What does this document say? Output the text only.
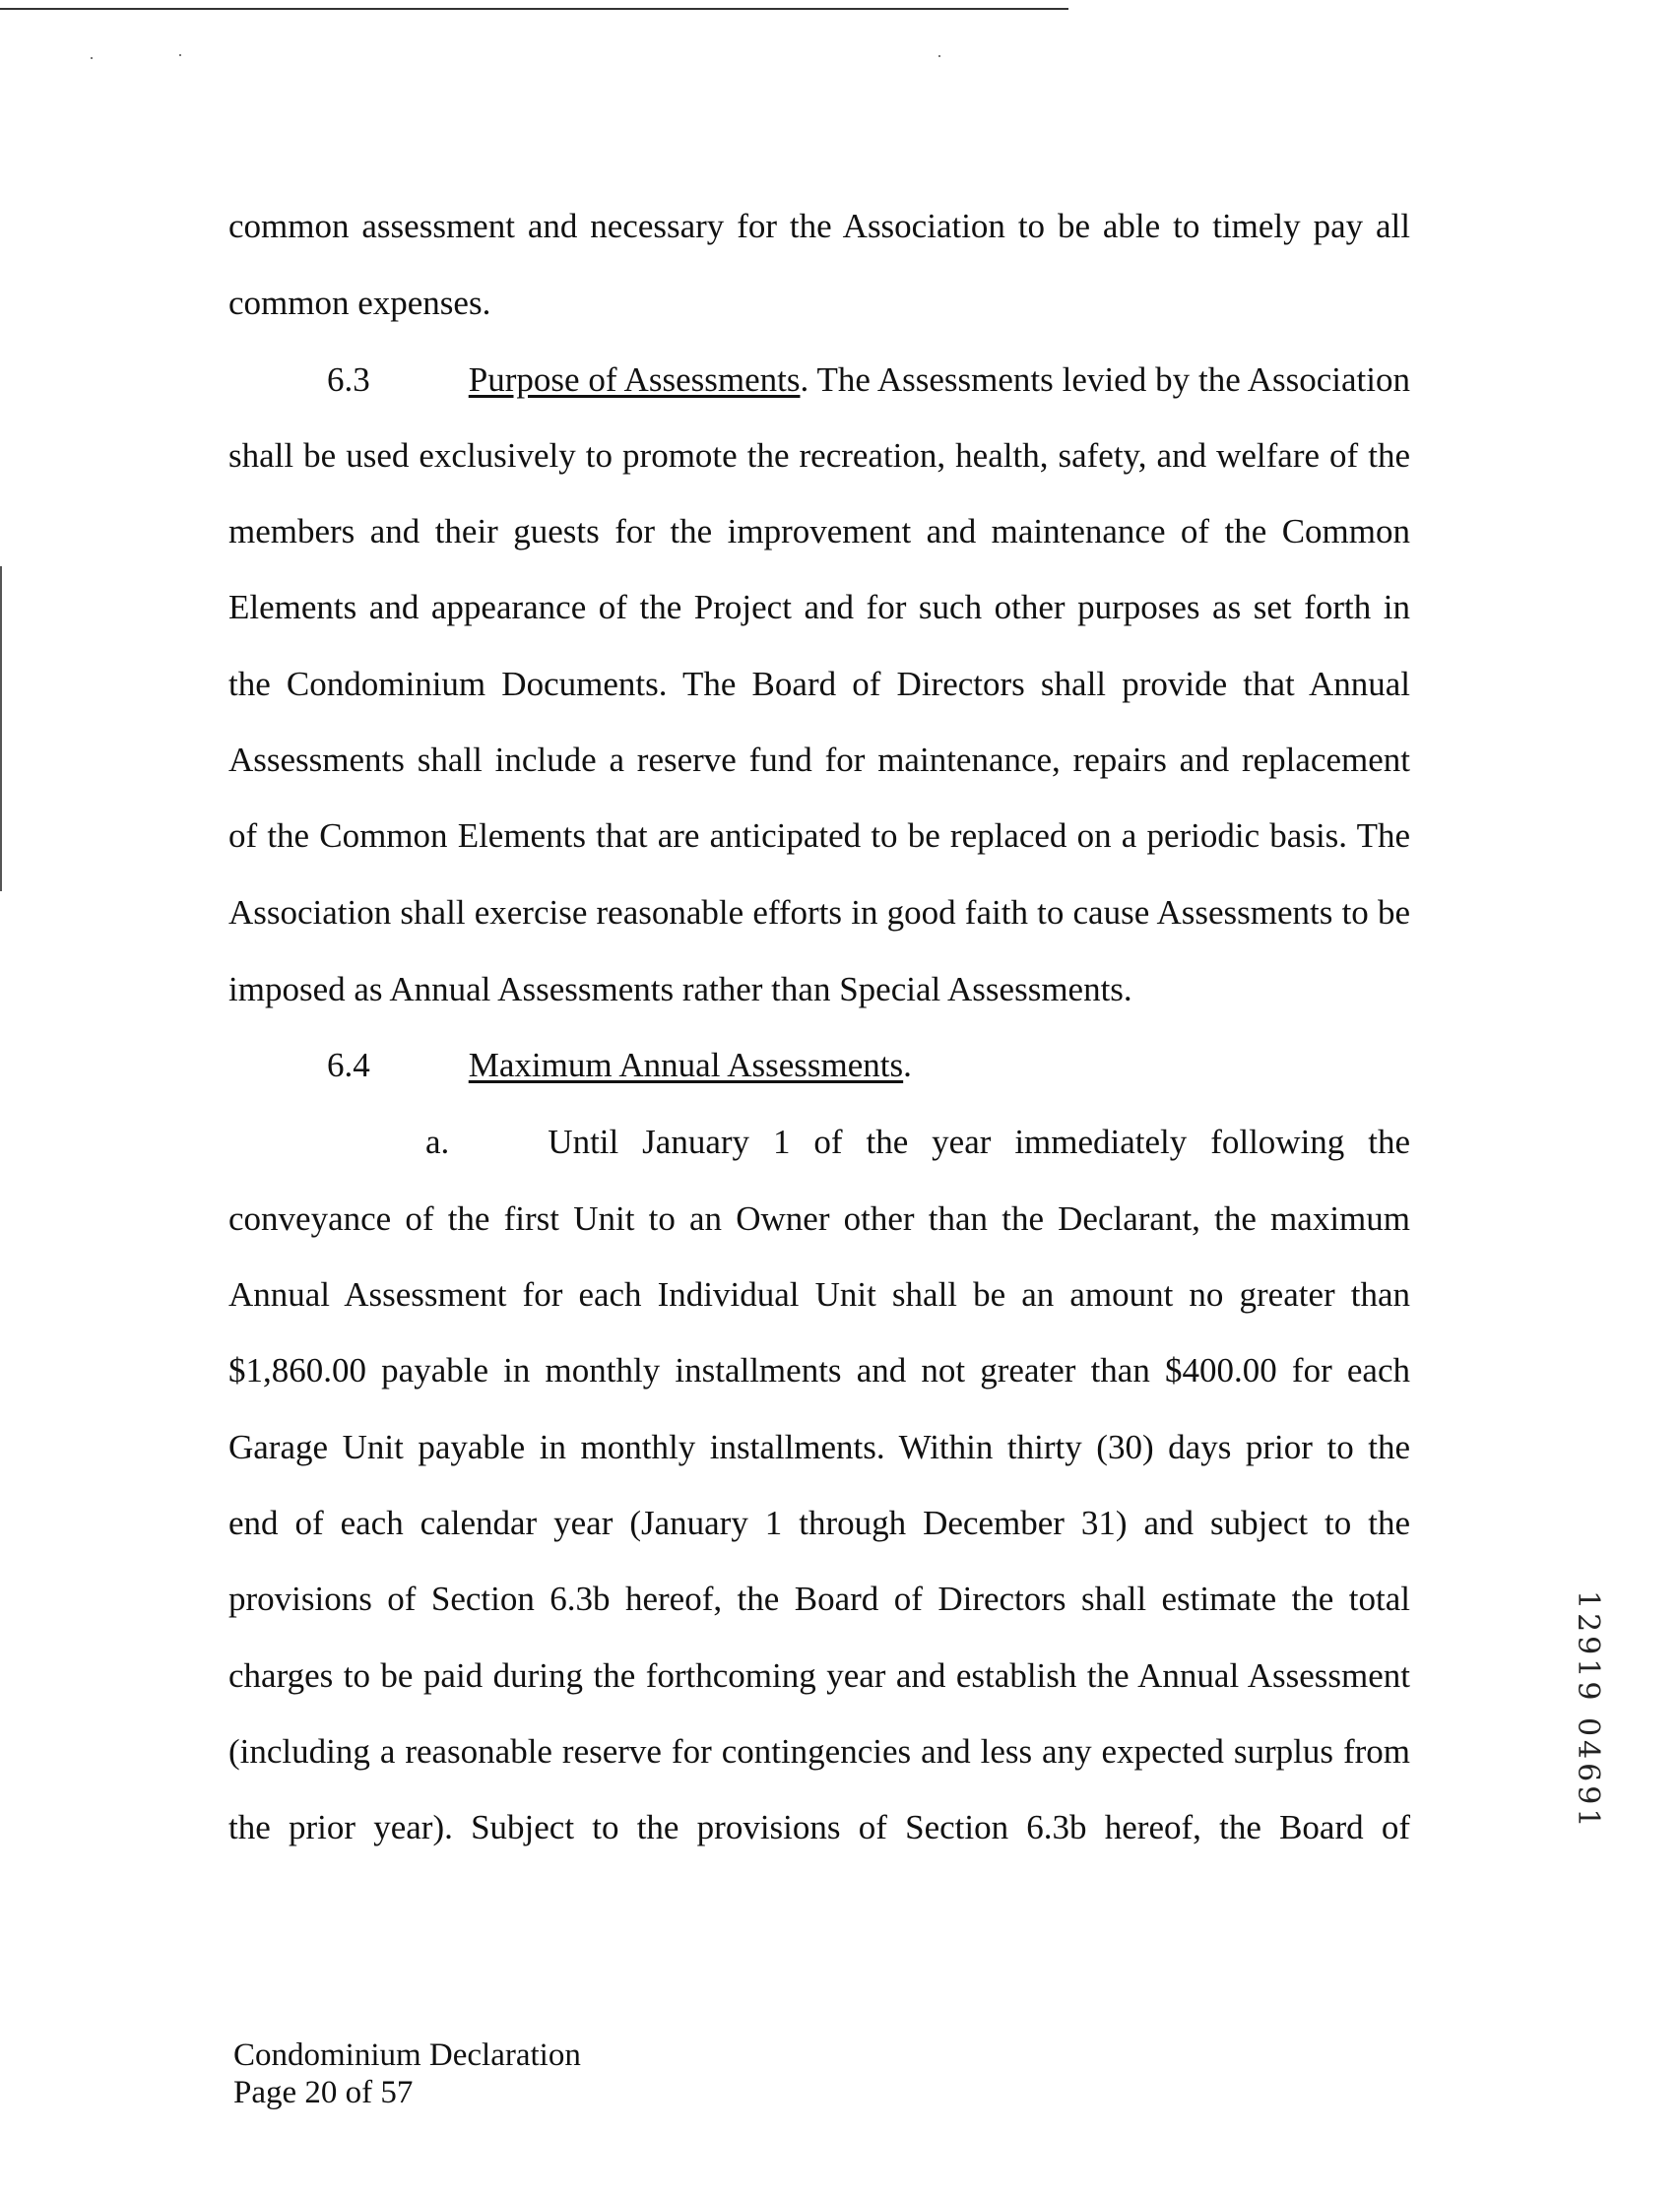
common assessment and necessary for the Association to be able to timely pay all
common expenses.
6.3	Purpose of Assessments. The Assessments levied by the Association
shall be used exclusively to promote the recreation, health, safety, and welfare of the
members and their guests for the improvement and maintenance of the Common
Elements and appearance of the Project and for such other purposes as set forth in
the Condominium Documents. The Board of Directors shall provide that Annual
Assessments shall include a reserve fund for maintenance, repairs and replacement
of the Common Elements that are anticipated to be replaced on a periodic basis. The
Association shall exercise reasonable efforts in good faith to cause Assessments to be
imposed as Annual Assessments rather than Special Assessments.
6.4	Maximum Annual Assessments.
a.	Until January 1 of the year immediately following the
conveyance of the first Unit to an Owner other than the Declarant, the maximum
Annual Assessment for each Individual Unit shall be an amount no greater than
$1,860.00 payable in monthly installments and not greater than $400.00 for each
Garage Unit payable in monthly installments. Within thirty (30) days prior to the
end of each calendar year (January 1 through December 31) and subject to the
provisions of Section 6.3b hereof, the Board of Directors shall estimate the total
charges to be paid during the forthcoming year and establish the Annual Assessment
(including a reasonable reserve for contingencies and less any expected surplus from
the prior year). Subject to the provisions of Section 6.3b hereof, the Board of	12919 04691
Condominium Declaration
Page 20 of 57
